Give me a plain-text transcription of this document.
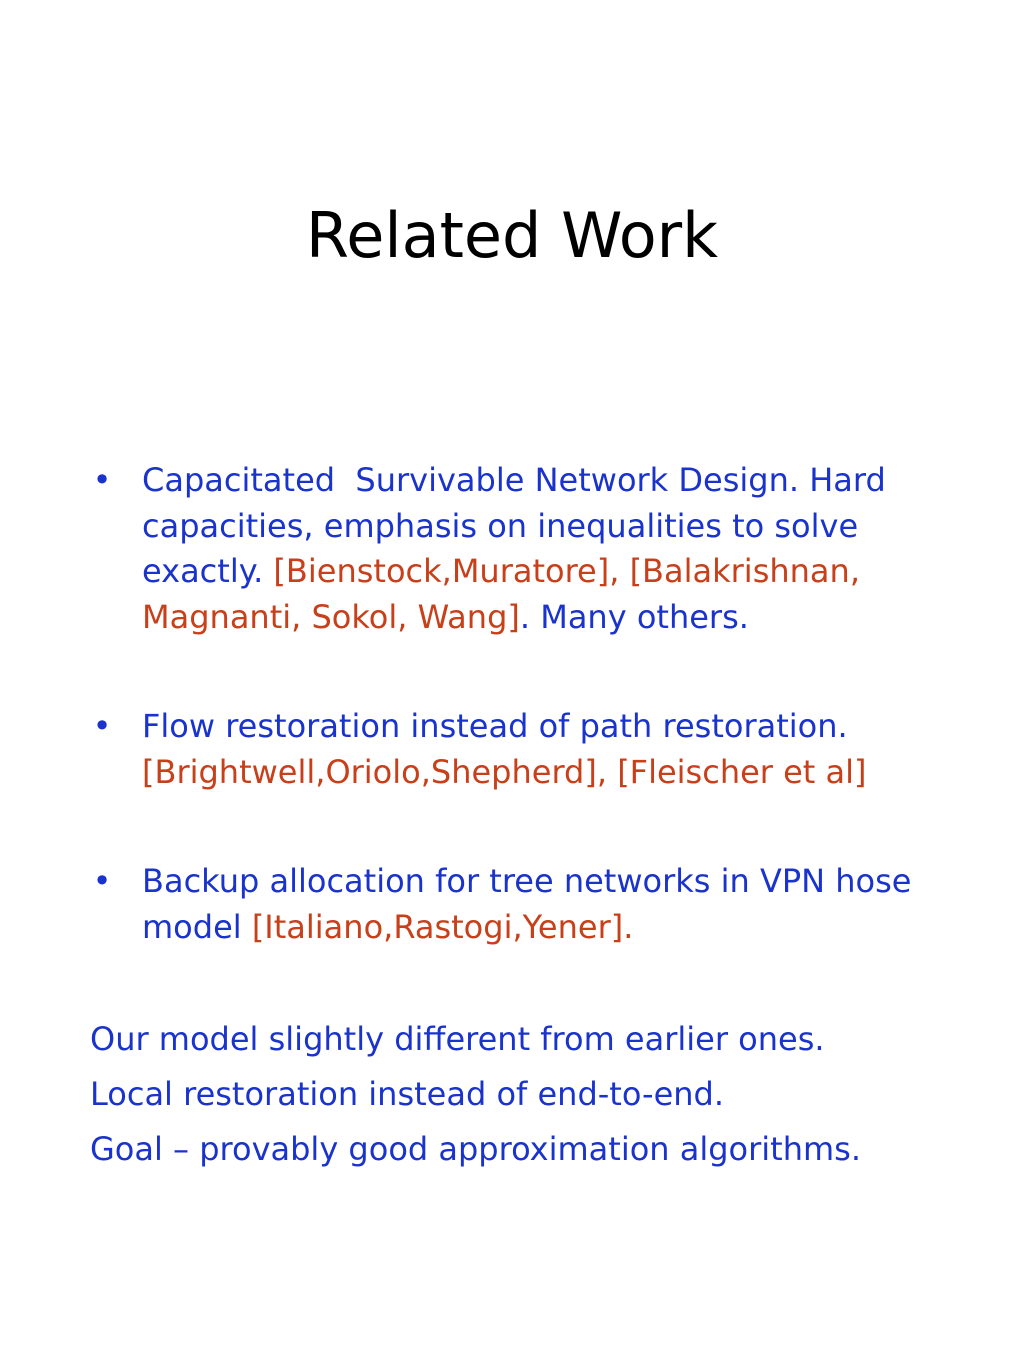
Related Work
• Capacitated  Survivable Network Design. Hard capacities, emphasis on inequalities to solve exactly. [Bienstock,Muratore], [Balakrishnan, Magnanti, Sokol, Wang]. Many others.
• Flow restoration instead of path restoration. [Brightwell,Oriolo,Shepherd], [Fleischer et al]
• Backup allocation for tree networks in VPN hose model [Italiano,Rastogi,Yener].
Our model slightly different from earlier ones.
Local restoration instead of end-to-end.
Goal – provably good approximation algorithms.
